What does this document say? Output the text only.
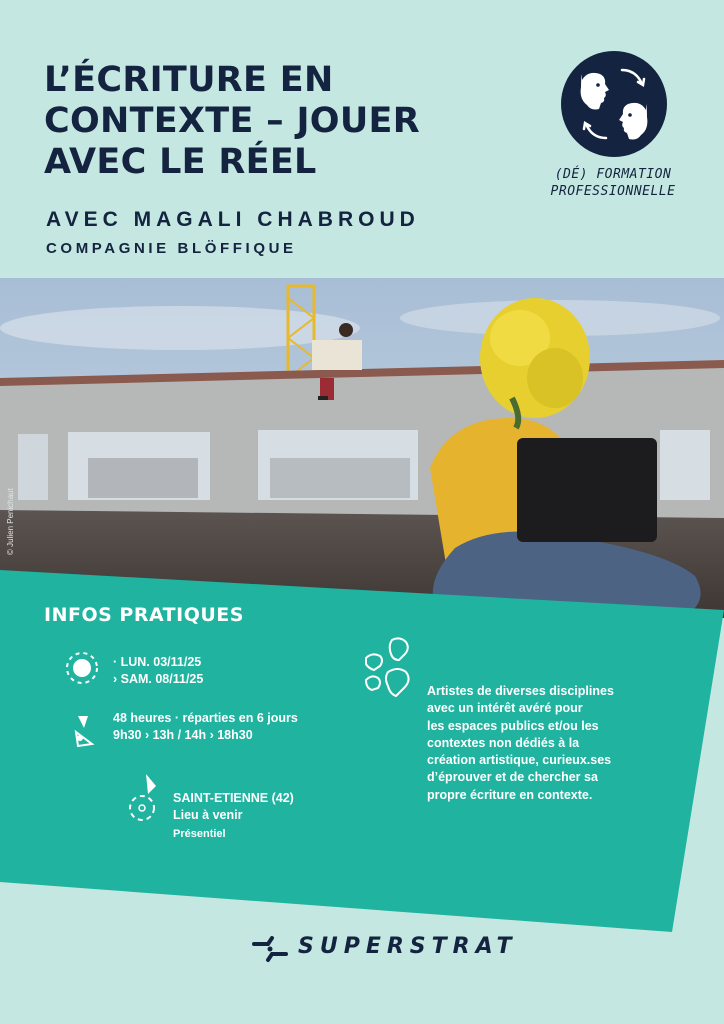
L’ÉCRITURE EN
CONTEXTE – JOUER
AVEC LE RÉEL
AVEC MAGALI CHABROUD
COMPAGNIE BLÖFFIQUE
(DÉ) FORMATION
PROFESSIONNELLE
© Julien Penichaut
INFOS PRATIQUES
· LUN. 03/11/25
› SAM. 08/11/25
48 heures · réparties en 6 jours
9h30 › 13h / 14h › 18h30
SAINT-ETIENNE (42)
Lieu à venir
Présentiel
Artistes de diverses disciplines
avec un intérêt avéré pour
les espaces publics et/ou les
contextes non dédiés à la
création artistique, curieux.ses
d’éprouver et de chercher sa
propre écriture en contexte.
SUPERSTRAT
